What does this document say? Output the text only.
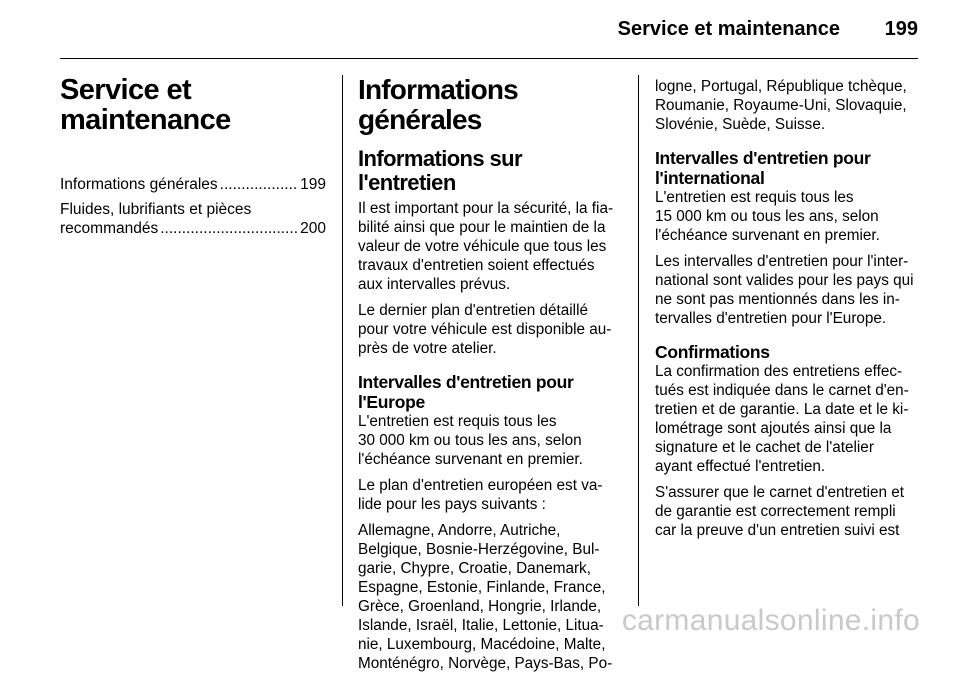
Service et maintenance 199
Service et
maintenance
Informations générales .....	199
Fluides, lubrifiants et pièces
recommandés .....	200
Informations générales
Informations sur l'entretien

Il est important pour la sécurité, la fia-
bilité ainsi que pour le maintien de la
valeur de votre véhicule que tous les
travaux d'entretien soient effectués
aux intervalles prévus.

Le dernier plan d'entretien détaillé
pour votre véhicule est disponible au-
près de votre atelier.

Intervalles d'entretien pour
l'Europe

L'entretien est requis tous les
30 000 km ou tous les ans, selon
l'échéance survenant en premier.

Le plan d'entretien européen est va-
lide pour les pays suivants :

Allemagne, Andorre, Autriche,
Belgique, Bosnie-Herzégovine, Bul-
garie, Chypre, Croatie, Danemark,
Espagne, Estonie, Finlande, France,
Grèce, Groenland, Hongrie, Irlande,
Islande, Israël, Italie, Lettonie, Litua-
nie, Luxembourg, Macédoine, Malte,
Monténégro, Norvège, Pays-Bas, Po-

logne, Portugal, République tchèque,
Roumanie, Royaume-Uni, Slovaquie,
Slovénie, Suède, Suisse.

Intervalles d'entretien pour
l'international

L'entretien est requis tous les
15 000 km ou tous les ans, selon
l'échéance survenant en premier.

Les intervalles d'entretien pour l'inter-
national sont valides pour les pays qui
ne sont pas mentionnés dans les in-
tervalles d'entretien pour l'Europe.

Confirmations

La confirmation des entretiens effec-
tués est indiquée dans le carnet d'en-
tretien et de garantie. La date et le ki-
lométrage sont ajoutés ainsi que la
signature et le cachet de l'atelier
ayant effectué l'entretien.

S'assurer que le carnet d'entretien et
de garantie est correctement rempli
car la preuve d'un entretien suivi est

carmanualsonline.info
